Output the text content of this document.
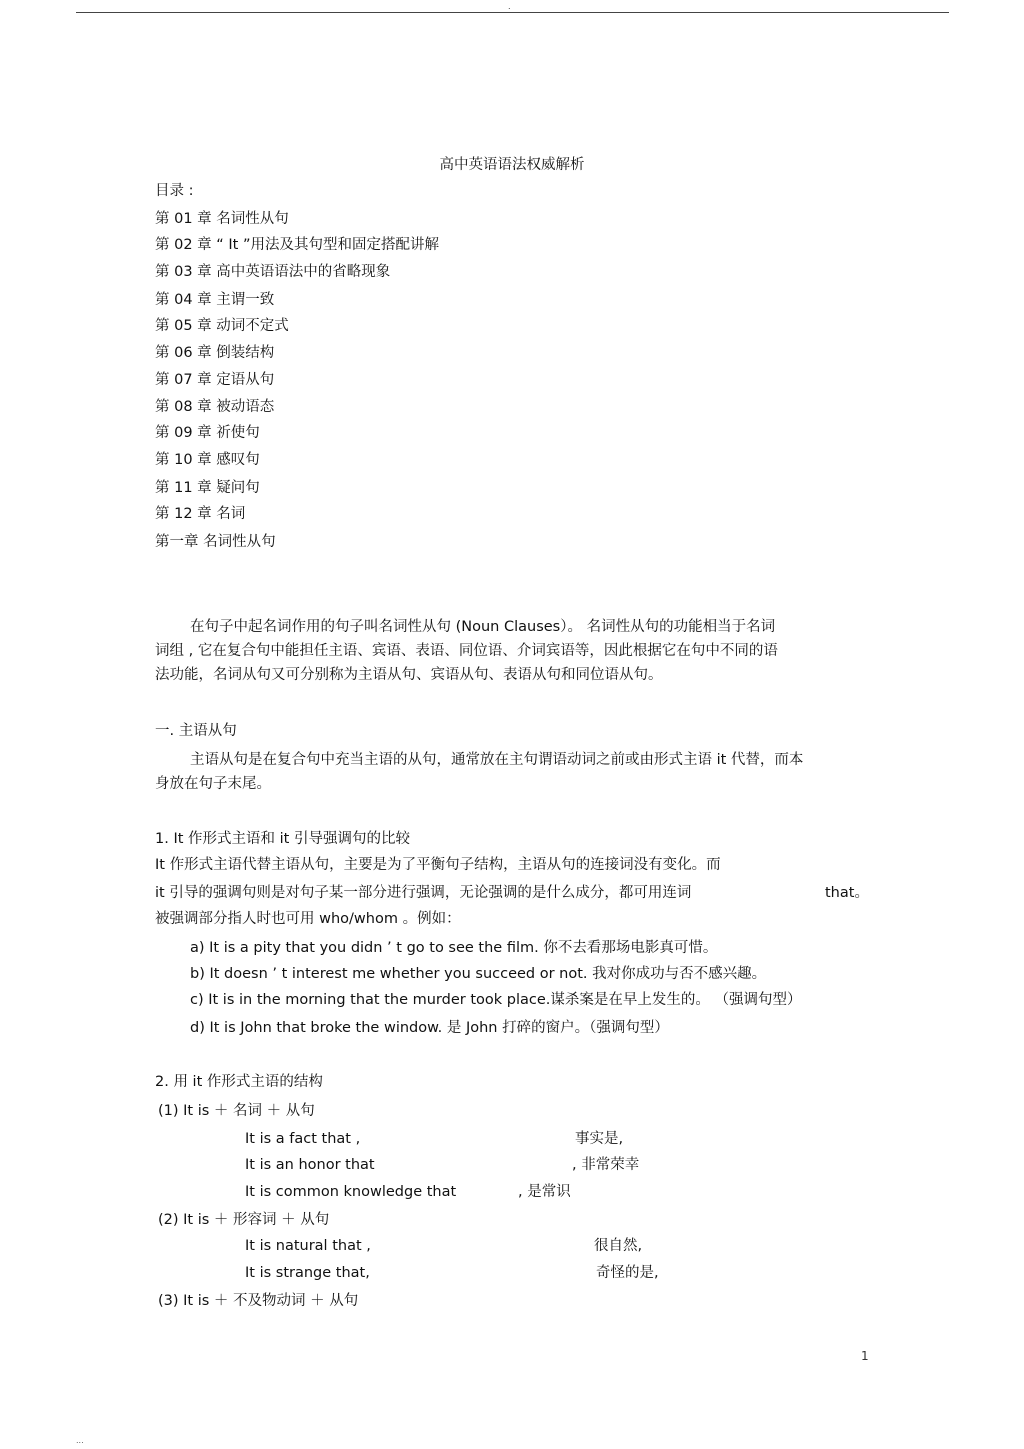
.
高中英语语法权威解析
目录 :
第 01 章 名词性从句
第 02 章 “ It ”用法及其句型和固定搭配讲解
第 03 章 高中英语语法中的省略现象
第 04 章 主谓一致
第 05 章 动词不定式
第 06 章 倒装结构
第 07 章 定语从句
第 08 章 被动语态
第 09 章 祈使句
第 10 章 感叹句
第 11 章 疑问句
第 12 章 名词
第一章 名词性从句
在句子中起名词作用的句子叫名词性从句 (Noun Clauses）。 名词性从句的功能相当于名词
词组 , 它在复合句中能担任主语、宾语、表语、同位语、介词宾语等，因此根据它在句中不同的语
法功能，名词从句又可分别称为主语从句、宾语从句、表语从句和同位语从句。
一. 主语从句
主语从句是在复合句中充当主语的从句，通常放在主句谓语动词之前或由形式主语 it 代替，而本
身放在句子末尾。
1. It 作形式主语和 it 引导强调句的比较
It 作形式主语代替主语从句，主要是为了平衡句子结构，主语从句的连接词没有变化。而
it 引导的强调句则是对句子某一部分进行强调，无论强调的是什么成分，都可用连词	that。
被强调部分指人时也可用 who/whom 。例如：
a) It is a pity that you didn ’ t go to see the film. 你不去看那场电影真可惜。
b) It doesn ’ t interest me whether you succeed or not. 我对你成功与否不感兴趣。
c) It is in the morning that the murder took place.谋杀案是在早上发生的。 （强调句型）
d) It is John that broke the window. 是 John 打碎的窗户。（强调句型）
2. 用 it 作形式主语的结构
(1) It is ＋ 名词 ＋ 从句
It is a fact that ,	事实是,
It is an honor that	, 非常荣幸
It is common knowledge that	, 是常识
(2) It is ＋ 形容词 ＋ 从句
It is natural that ,	很自然,
It is strange that,	奇怪的是,
(3) It is ＋ 不及物动词 ＋ 从句
1
...
